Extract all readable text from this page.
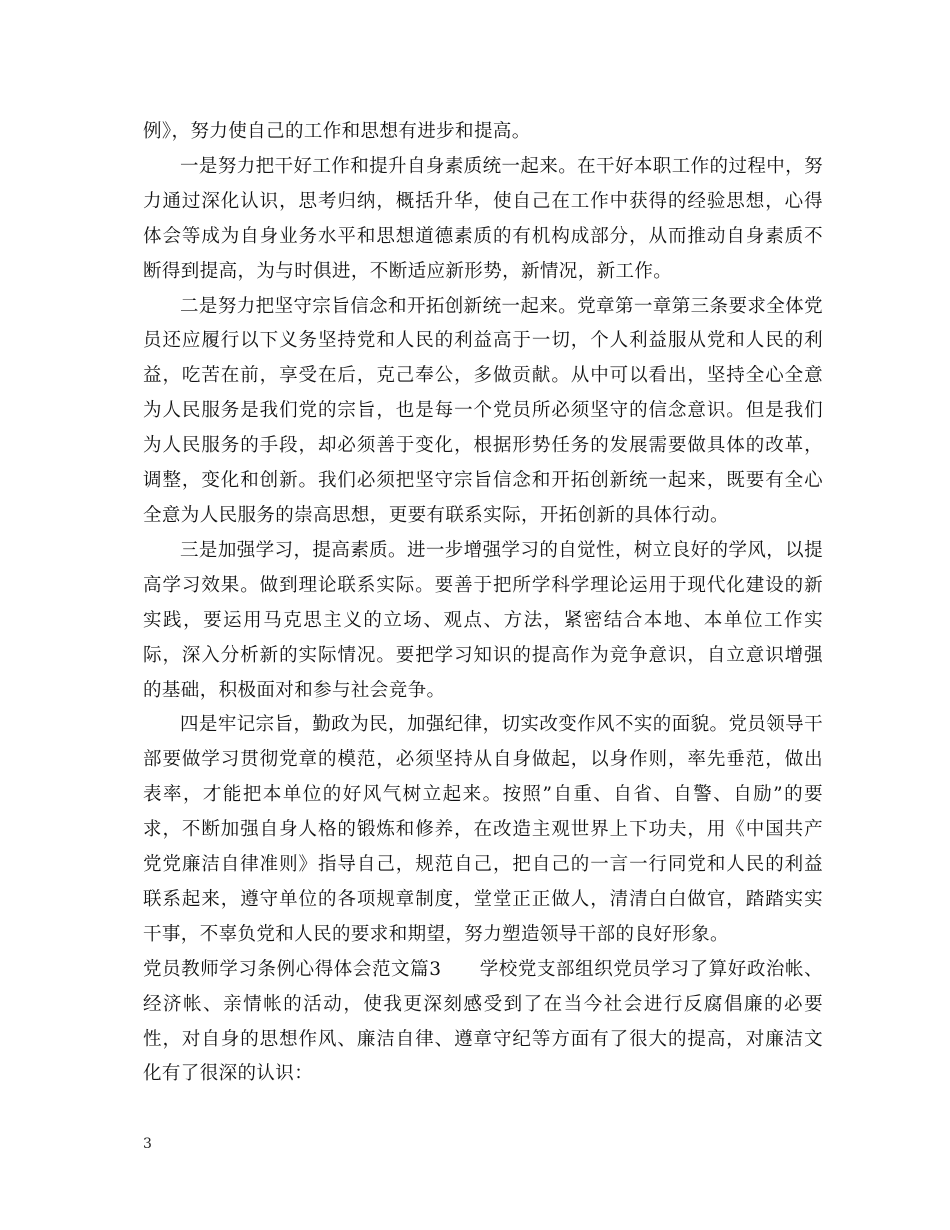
例》，努力使自己的工作和思想有进步和提高。

一是努力把干好工作和提升自身素质统一起来。在干好本职工作的过程中，努力通过深化认识，思考归纳，概括升华，使自己在工作中获得的经验思想，心得体会等成为自身业务水平和思想道德素质的有机构成部分，从而推动自身素质不断得到提高，为与时俱进，不断适应新形势，新情况，新工作。

二是努力把坚守宗旨信念和开拓创新统一起来。党章第一章第三条要求全体党员还应履行以下义务坚持党和人民的利益高于一切，个人利益服从党和人民的利益，吃苦在前，享受在后，克己奉公，多做贡献。从中可以看出，坚持全心全意为人民服务是我们党的宗旨，也是每一个党员所必须坚守的信念意识。但是我们为人民服务的手段，却必须善于变化，根据形势任务的发展需要做具体的改革，调整，变化和创新。我们必须把坚守宗旨信念和开拓创新统一起来，既要有全心全意为人民服务的崇高思想，更要有联系实际，开拓创新的具体行动。

三是加强学习，提高素质。进一步增强学习的自觉性，树立良好的学风，以提高学习效果。做到理论联系实际。要善于把所学科学理论运用于现代化建设的新实践，要运用马克思主义的立场、观点、方法，紧密结合本地、本单位工作实际，深入分析新的实际情况。要把学习知识的提高作为竞争意识，自立意识增强的基础，积极面对和参与社会竞争。

四是牢记宗旨，勤政为民，加强纪律，切实改变作风不实的面貌。党员领导干部要做学习贯彻党章的模范，必须坚持从自身做起，以身作则，率先垂范，做出表率，才能把本单位的好风气树立起来。按照”自重、自省、自警、自励”的要求，不断加强自身人格的锻炼和修养，在改造主观世界上下功夫，用《中国共产党党廉洁自律准则》指导自己，规范自己，把自己的一言一行同党和人民的利益联系起来，遵守单位的各项规章制度，堂堂正正做人，清清白白做官，踏踏实实干事，不辜负党和人民的要求和期望，努力塑造领导干部的良好形象。

党员教师学习条例心得体会范文篇3　　学校党支部组织党员学习了算好政治帐、经济帐、亲情帐的活动，使我更深刻感受到了在当今社会进行反腐倡廉的必要性，对自身的思想作风、廉洁自律、遵章守纪等方面有了很大的提高，对廉洁文化有了很深的认识：

3
